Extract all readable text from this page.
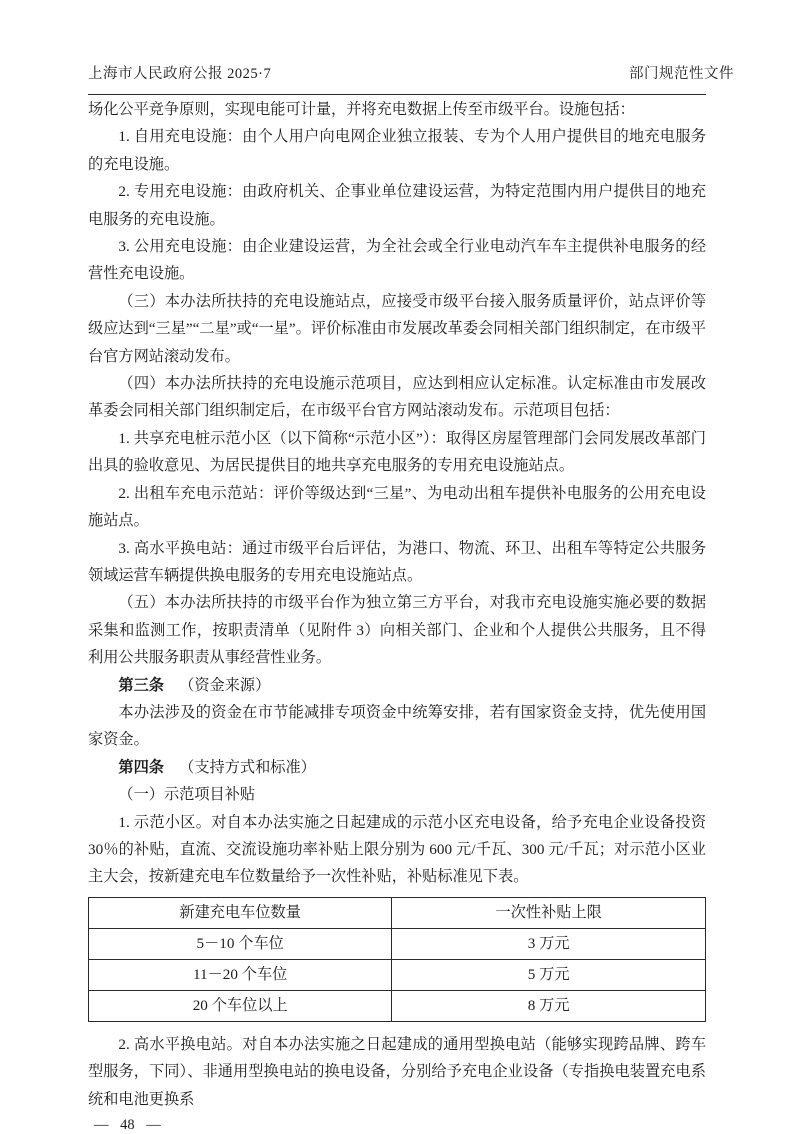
上海市人民政府公报 2025·7	部门规范性文件

场化公平竞争原则，实现电能可计量，并将充电数据上传至市级平台。设施包括：

1. 自用充电设施：由个人用户向电网企业独立报装、专为个人用户提供目的地充电服务的充电设施。

2. 专用充电设施：由政府机关、企事业单位建设运营，为特定范围内用户提供目的地充电服务的充电设施。

3. 公用充电设施：由企业建设运营，为全社会或全行业电动汽车车主提供补电服务的经营性充电设施。

（三）本办法所扶持的充电设施站点，应接受市级平台接入服务质量评价，站点评价等级应达到“三星”“二星”或“一星”。评价标准由市发展改革委会同相关部门组织制定，在市级平台官方网站滚动发布。

（四）本办法所扶持的充电设施示范项目，应达到相应认定标准。认定标准由市发展改革委会同相关部门组织制定后，在市级平台官方网站滚动发布。示范项目包括：

1. 共享充电桩示范小区（以下简称“示范小区”）：取得区房屋管理部门会同发展改革部门出具的验收意见、为居民提供目的地共享充电服务的专用充电设施站点。

2. 出租车充电示范站：评价等级达到“三星”、为电动出租车提供补电服务的公用充电设施站点。

3. 高水平换电站：通过市级平台后评估，为港口、物流、环卫、出租车等特定公共服务领域运营车辆提供换电服务的专用充电设施站点。

（五）本办法所扶持的市级平台作为独立第三方平台，对我市充电设施实施必要的数据采集和监测工作，按职责清单（见附件 3）向相关部门、企业和个人提供公共服务，且不得利用公共服务职责从事经营性业务。

第三条 （资金来源）

本办法涉及的资金在市节能减排专项资金中统筹安排，若有国家资金支持，优先使用国家资金。

第四条 （支持方式和标准）

（一）示范项目补贴

1. 示范小区。对自本办法实施之日起建成的示范小区充电设备，给予充电企业设备投资 30％的补贴，直流、交流设施功率补贴上限分别为 600 元/千瓦、300 元/千瓦；对示范小区业主大会，按新建充电车位数量给予一次性补贴，补贴标准见下表。

新建充电车位数量	一次性补贴上限
5－10 个车位	3 万元
11－20 个车位	5 万元
20 个车位以上	8 万元

2. 高水平换电站。对自本办法实施之日起建成的通用型换电站（能够实现跨品牌、跨车型服务，下同）、非通用型换电站的换电设备，分别给予充电企业设备（专指换电装置充电系统和电池更换系

— 48 —
